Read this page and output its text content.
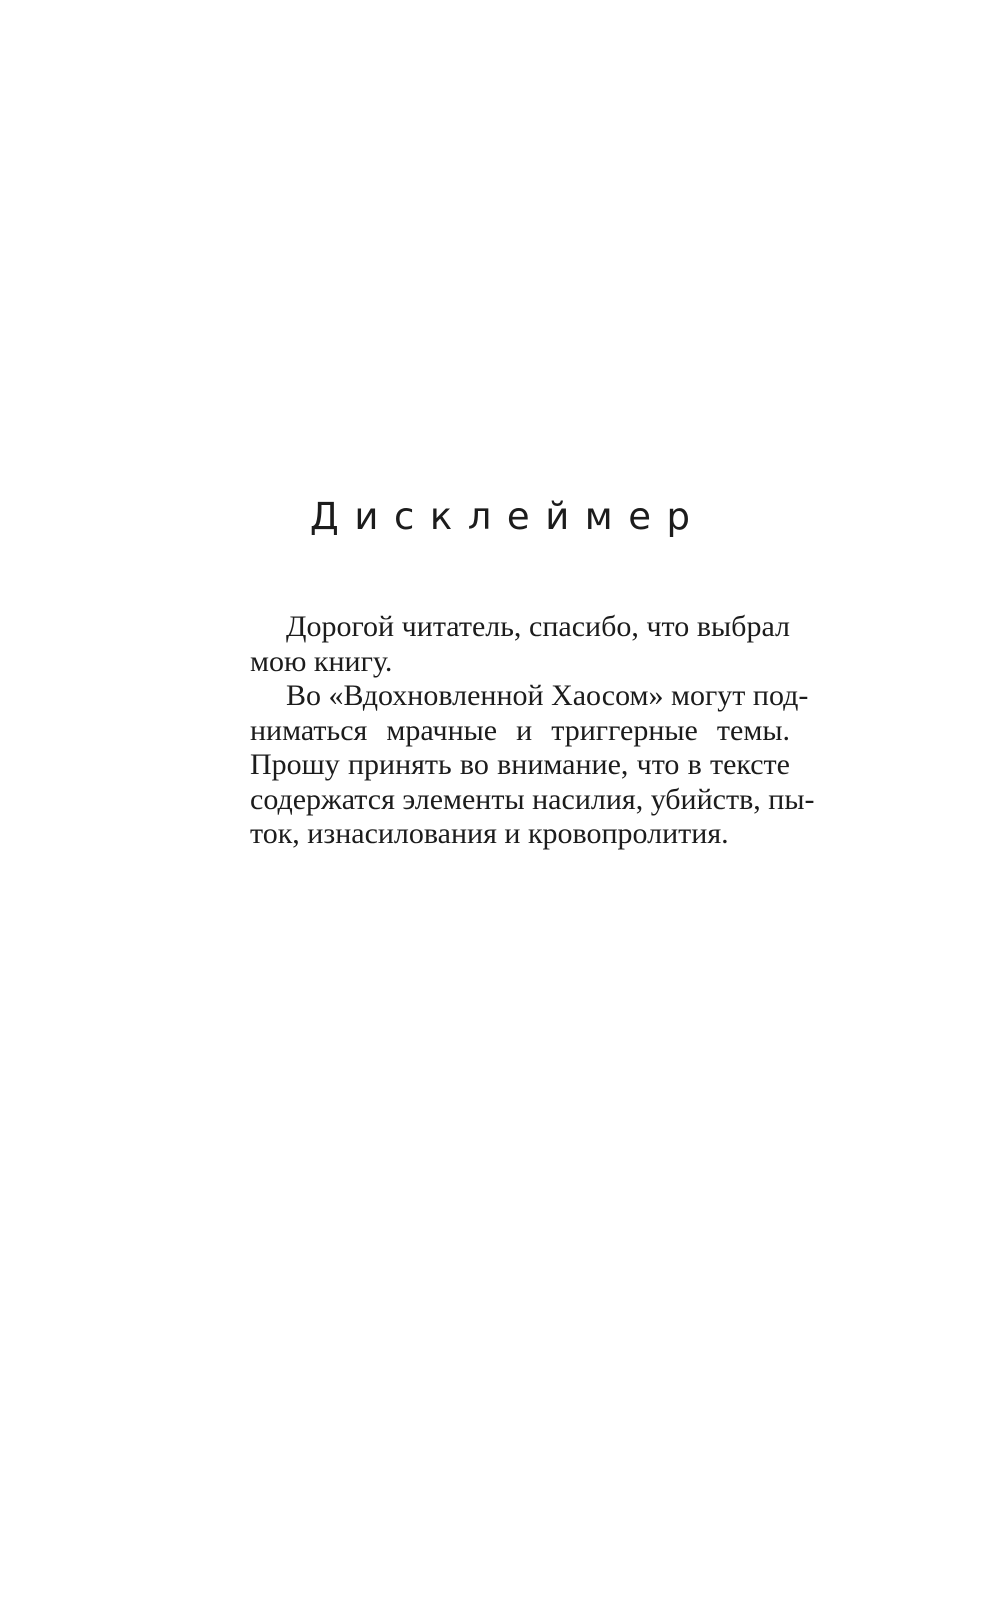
Дисклеймер

Дорогой читатель, спасибо, что выбрал
мою книгу.

Во «Вдохновленной Хаосом» могут под-
ниматься мрачные и триггерные темы.
Прошу принять во внимание, что в тексте
содержатся элементы насилия, убийств, пы-
ток, изнасилования и кровопролития.
